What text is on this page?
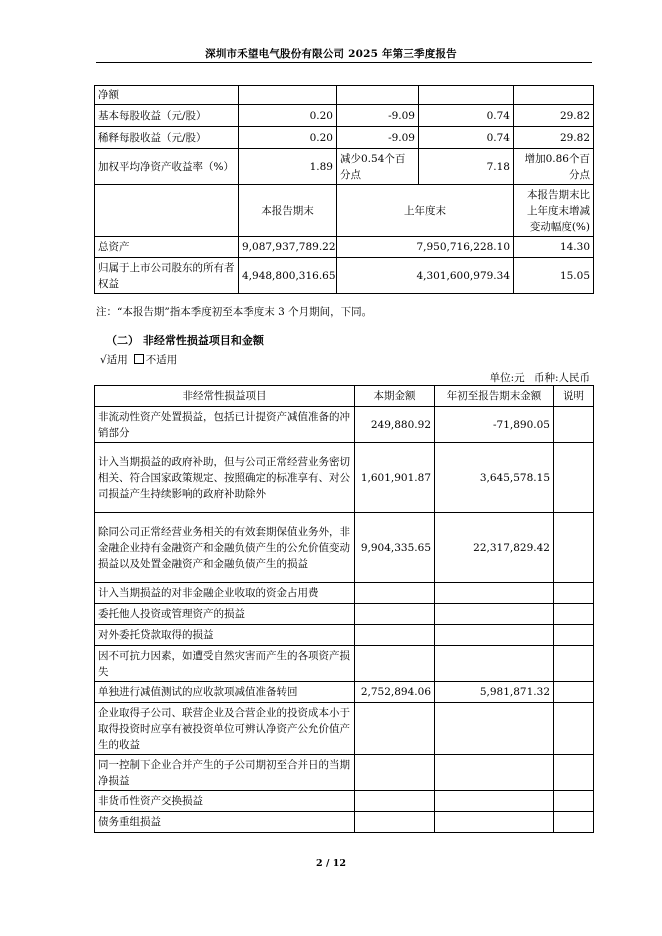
深圳市禾望电气股份有限公司 2025 年第三季度报告
净额				
基本每股收益（元/股）	0.20	-9.09	0.74	29.82
稀释每股收益（元/股）	0.20	-9.09	0.74	29.82
加权平均净资产收益率（%）	1.89	减少0.54个百分点	7.18	增加0.86个百分点
	本报告期末	上年度末		本报告期末比上年度末增减变动幅度(%)
总资产	9,087,937,789.22	7,950,716,228.10		14.30
归属于上市公司股东的所有者权益	4,948,800,316.65	4,301,600,979.34		15.05
注：“本报告期”指本季度初至本季度末 3 个月期间，下同。
（二） 非经常性损益项目和金额
√适用 不适用
单位:元 币种:人民币
非经常性损益项目	本期金额	年初至报告期末金额	说明
非流动性资产处置损益，包括已计提资产减值准备的冲销部分	249,880.92	-71,890.05	
计入当期损益的政府补助，但与公司正常经营业务密切相关、符合国家政策规定、按照确定的标准享有、对公司损益产生持续影响的政府补助除外	1,601,901.87	3,645,578.15	
除同公司正常经营业务相关的有效套期保值业务外，非金融企业持有金融资产和金融负债产生的公允价值变动损益以及处置金融资产和金融负债产生的损益	9,904,335.65	22,317,829.42	
计入当期损益的对非金融企业收取的资金占用费			
委托他人投资或管理资产的损益			
对外委托贷款取得的损益			
因不可抗力因素，如遭受自然灾害而产生的各项资产损失			
单独进行减值测试的应收款项减值准备转回	2,752,894.06	5,981,871.32	
企业取得子公司、联营企业及合营企业的投资成本小于取得投资时应享有被投资单位可辨认净资产公允价值产生的收益			
同一控制下企业合并产生的子公司期初至合并日的当期净损益			
非货币性资产交换损益			
债务重组损益			
2 / 12
